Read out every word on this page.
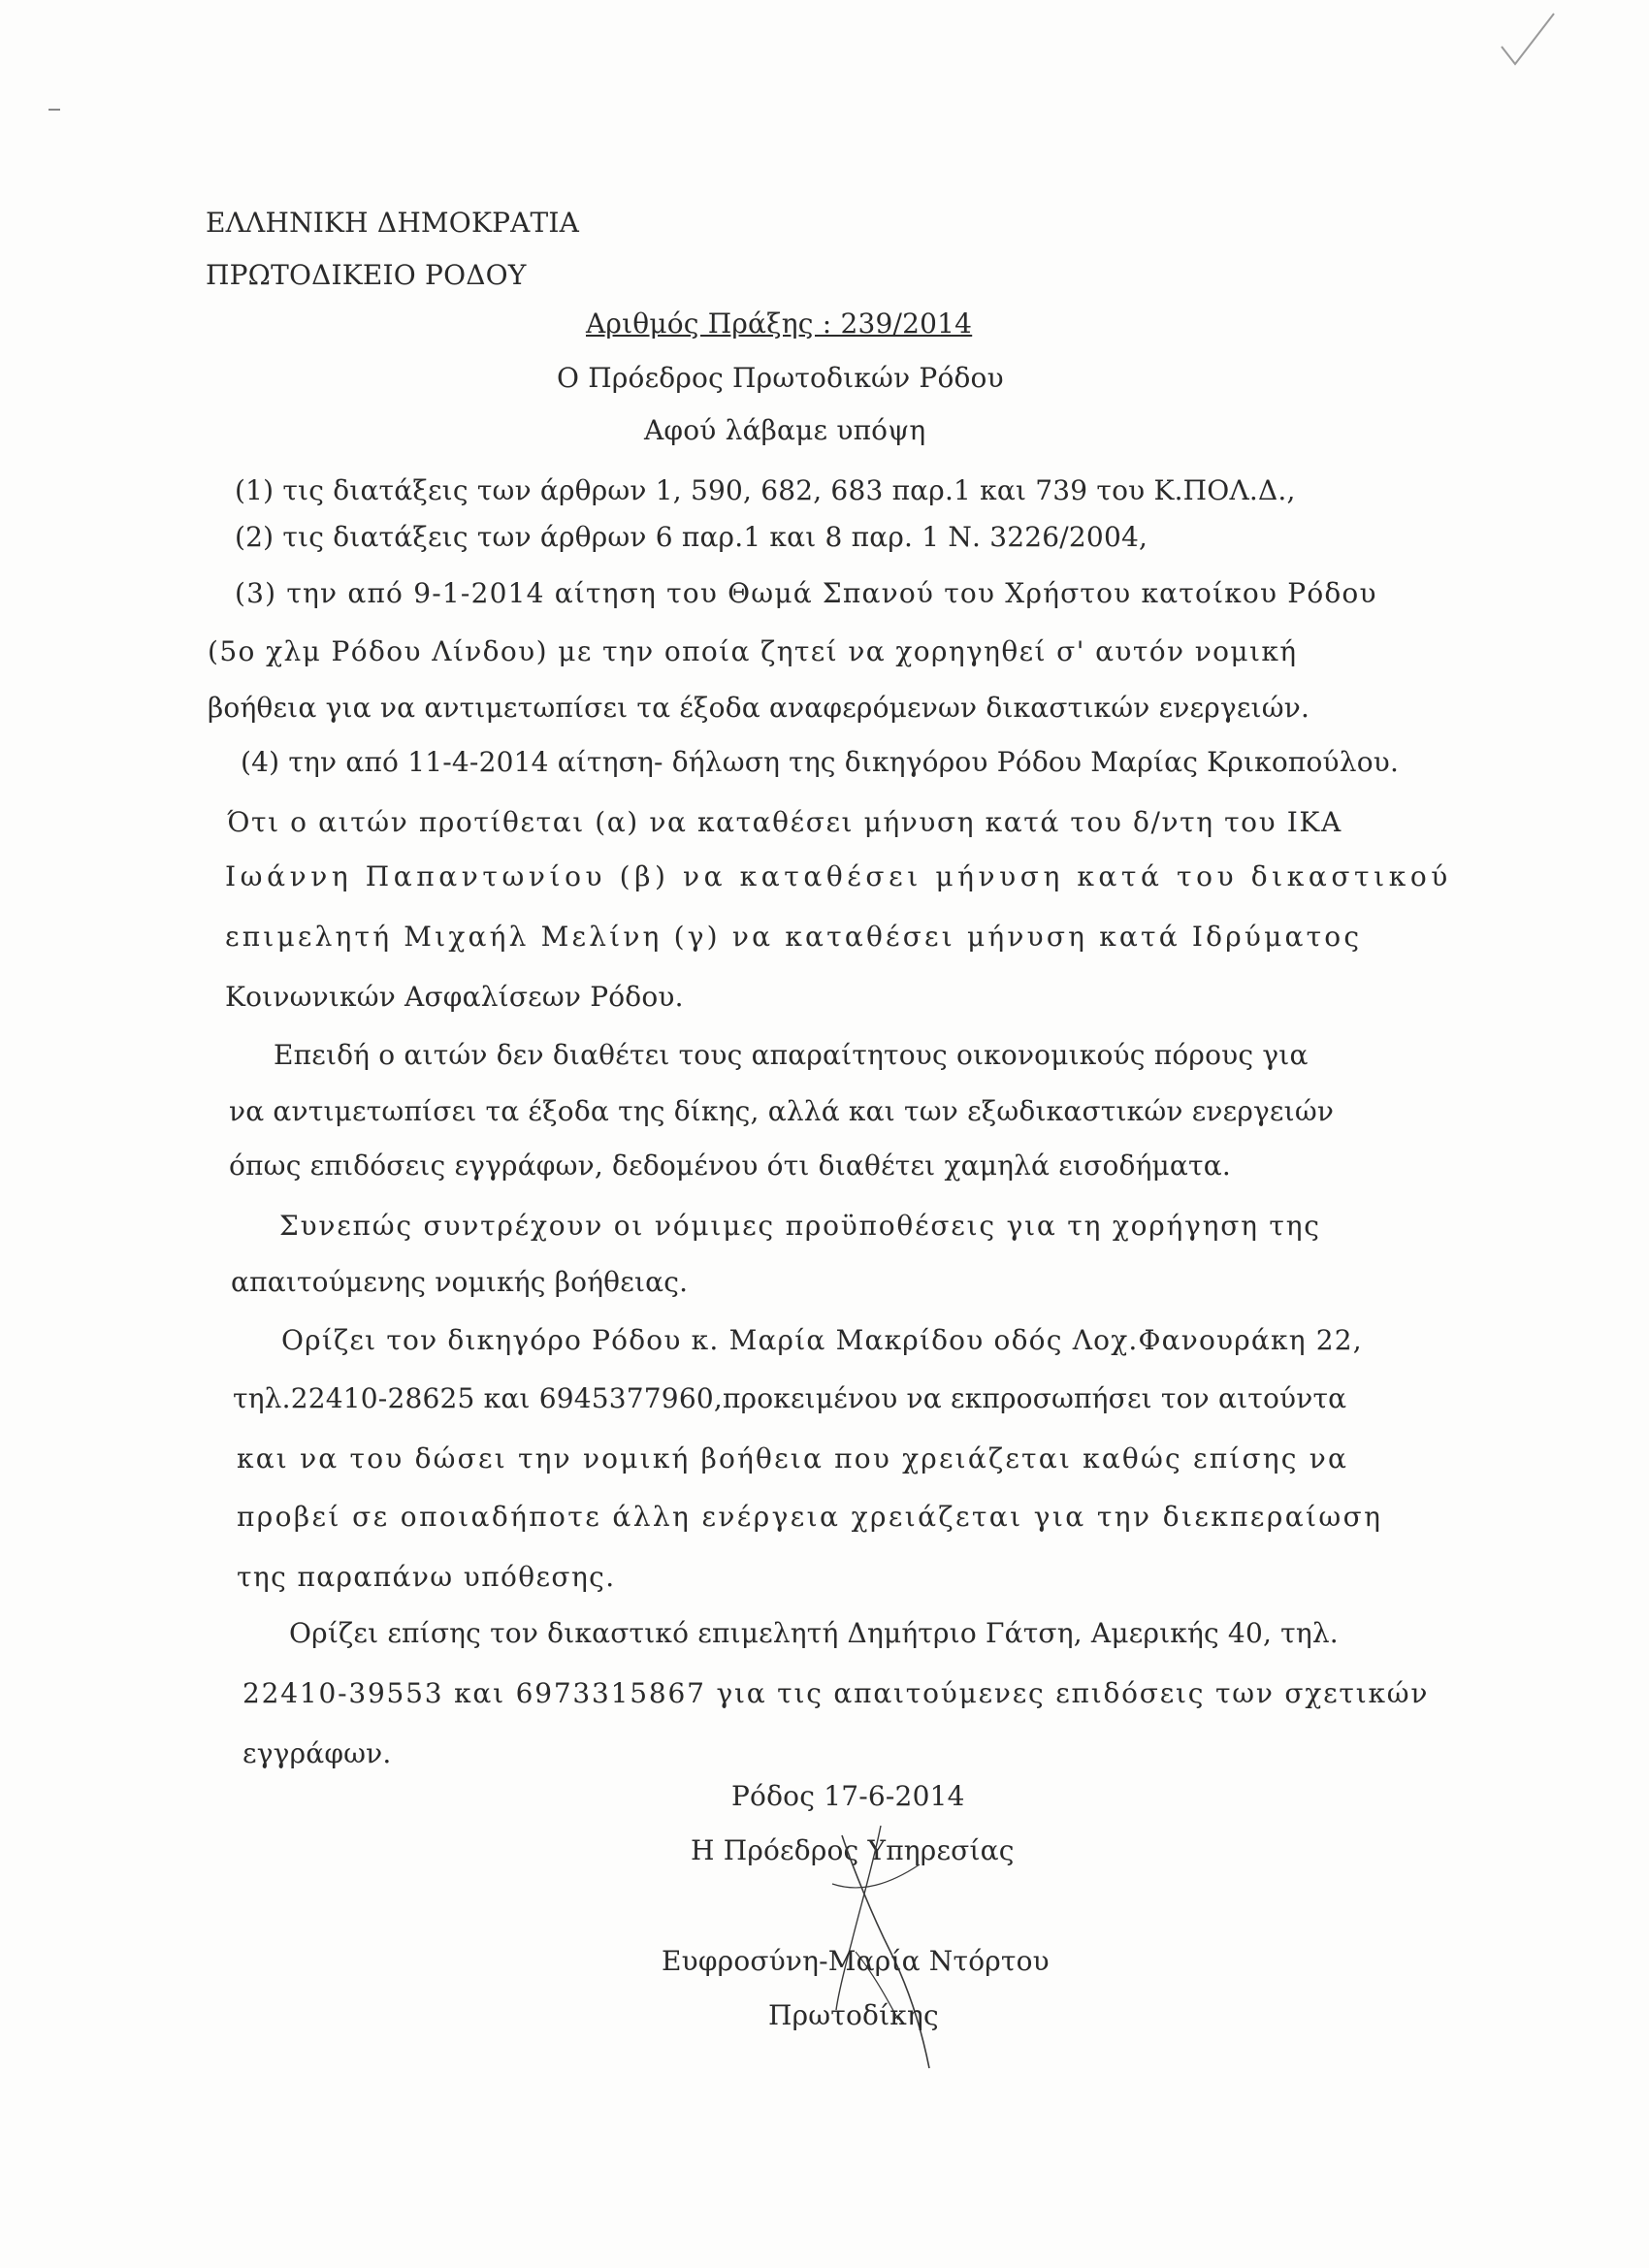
ΕΛΛΗΝΙΚΗ ΔΗΜΟΚΡΑΤΙΑ
ΠΡΩΤΟΔΙΚΕΙΟ ΡΟΔΟΥ
Αριθμός Πράξης : 239/2014
Ο Πρόεδρος Πρωτοδικών Ρόδου
Αφού λάβαμε υπόψη
(1) τις διατάξεις των άρθρων 1, 590, 682, 683 παρ.1 και 739 του Κ.ΠΟΛ.Δ.,
(2) τις διατάξεις των άρθρων 6 παρ.1 και 8 παρ. 1 Ν. 3226/2004,
(3) την από 9-1-2014 αίτηση του Θωμά Σπανού του Χρήστου κατοίκου Ρόδου
(5ο χλμ Ρόδου Λίνδου) με την οποία ζητεί να χορηγηθεί σ' αυτόν νομική
βοήθεια για να αντιμετωπίσει τα έξοδα αναφερόμενων δικαστικών ενεργειών.
(4) την από 11-4-2014 αίτηση- δήλωση της δικηγόρου Ρόδου Μαρίας Κρικοπούλου.
Ότι ο αιτών προτίθεται (α) να καταθέσει μήνυση κατά του δ/ντη του ΙΚΑ
Ιωάννη Παπαντωνίου (β) να καταθέσει μήνυση κατά του δικαστικού
επιμελητή Μιχαήλ Μελίνη (γ) να καταθέσει μήνυση κατά Ιδρύματος
Κοινωνικών Ασφαλίσεων Ρόδου.
Επειδή ο αιτών δεν διαθέτει τους απαραίτητους οικονομικούς πόρους για
να αντιμετωπίσει τα έξοδα της δίκης, αλλά και των εξωδικαστικών ενεργειών
όπως επιδόσεις εγγράφων, δεδομένου ότι διαθέτει χαμηλά εισοδήματα.
Συνεπώς συντρέχουν οι νόμιμες προϋποθέσεις για τη χορήγηση της
απαιτούμενης νομικής βοήθειας.
Ορίζει τον δικηγόρο Ρόδου κ. Μαρία Μακρίδου οδός Λοχ.Φανουράκη 22,
τηλ.22410-28625 και 6945377960,προκειμένου να εκπροσωπήσει τον αιτούντα
και να του δώσει την νομική βοήθεια που χρειάζεται καθώς επίσης να
προβεί σε οποιαδήποτε άλλη ενέργεια χρειάζεται για την διεκπεραίωση
της παραπάνω υπόθεσης.
Ορίζει επίσης τον δικαστικό επιμελητή Δημήτριο Γάτση, Αμερικής 40, τηλ.
22410-39553 και 6973315867 για τις απαιτούμενες επιδόσεις των σχετικών
εγγράφων.
Ρόδος 17-6-2014
Η Πρόεδρος Υπηρεσίας
Ευφροσύνη-Μαρία Ντόρτου
Πρωτοδίκης
